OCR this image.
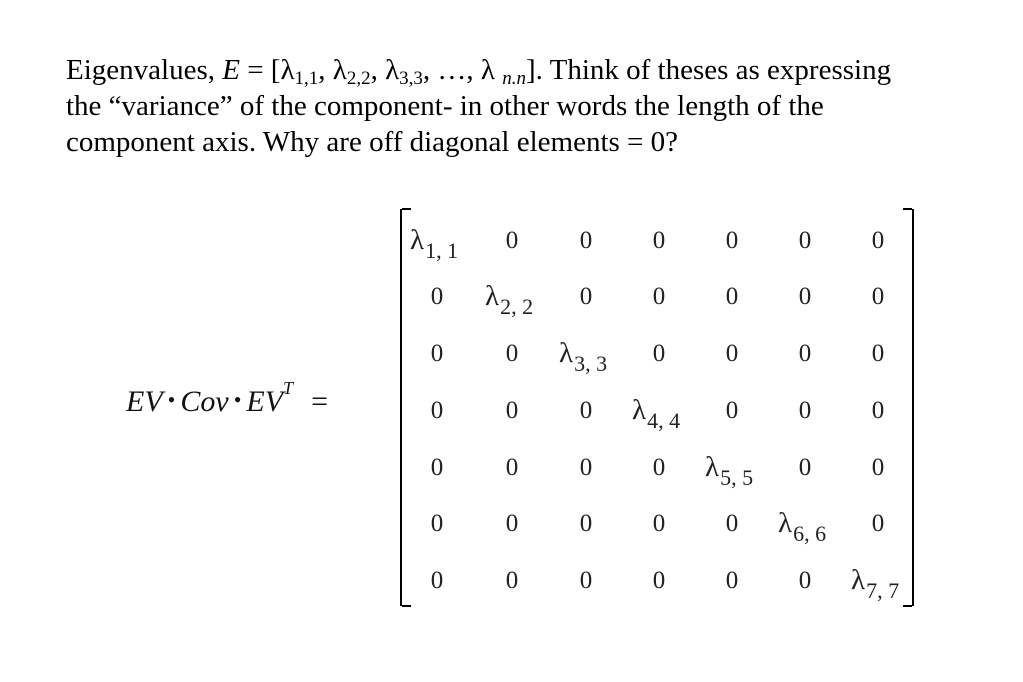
Eigenvalues, $E = [\lambda_{1,1}$, $\lambda_{2,2}$, $\lambda_{3,3}$, …, λ $_{n.n}$]. Think of theses as expressing
the “variance” of the component- in other words the length of the
component axis. Why are off diagonal elements = 0?

EV • Cov • $EV^T$ =
$\lambda_{1, 1}$ 0 0 0 0 0 0
0 $\lambda_{2, 2}$ 0 0 0 0 0
0	0 $\lambda_{3, 3}$ 0 0 0 0
0	0 0 $\lambda_{4, 4}$ 0 0 0
0	0 0 0 $\lambda_{5, 5}$ 0 0
0	0 0 0 0 $\lambda_{6, 6}$ 0
0	0 0 0 0 0 $\lambda_{7, 7}$
